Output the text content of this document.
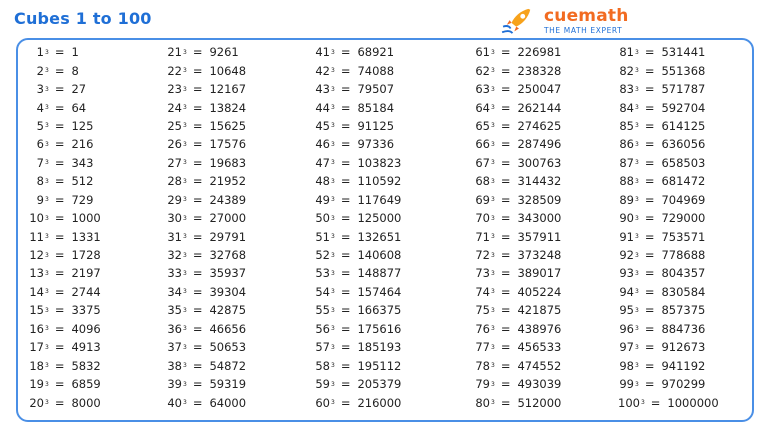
Cubes 1 to 100	cuemath
THE MATH EXPERT
1 3 = 1
2 3 = 8
3 3 = 27
4 3 = 64
5 3 = 125
6 3 = 216
7 3 = 343
8 3 = 512
9 3 = 729
10 3 = 1000
11 3 = 1331
12 3 = 1728
13 3 = 2197
14 3 = 2744
15 3 = 3375
16 3 = 4096
17 3 = 4913
18 3 = 5832
19 3 = 6859
20 3 = 8000
21 3 = 9261
22 3 = 10648
23 3 = 12167
24 3 = 13824
25 3 = 15625
26 3 = 17576
27 3 = 19683
28 3 = 21952
29 3 = 24389
30 3 = 27000
31 3 = 29791
32 3 = 32768
33 3 = 35937
34 3 = 39304
35 3 = 42875
36 3 = 46656
37 3 = 50653
38 3 = 54872
39 3 = 59319
40 3 = 64000
41 3 = 68921
42 3 = 74088
43 3 = 79507
44 3 = 85184
45 3 = 91125
46 3 = 97336
47 3 = 103823
48 3 = 110592
49 3 = 117649
50 3 = 125000
51 3 = 132651
52 3 = 140608
53 3 = 148877
54 3 = 157464
55 3 = 166375
56 3 = 175616
57 3 = 185193
58 3 = 195112
59 3 = 205379
60 3 = 216000
61 3 = 226981
62 3 = 238328
63 3 = 250047
64 3 = 262144
65 3 = 274625
66 3 = 287496
67 3 = 300763
68 3 = 314432
69 3 = 328509
70 3 = 343000
71 3 = 357911
72 3 = 373248
73 3 = 389017
74 3 = 405224
75 3 = 421875
76 3 = 438976
77 3 = 456533
78 3 = 474552
79 3 = 493039
80 3 = 512000
81 3 = 531441
82 3 = 551368
83 3 = 571787
84 3 = 592704
85 3 = 614125
86 3 = 636056
87 3 = 658503
88 3 = 681472
89 3 = 704969
90 3 = 729000
91 3 = 753571
92 3 = 778688
93 3 = 804357
94 3 = 830584
95 3 = 857375
96 3 = 884736
97 3 = 912673
98 3 = 941192
99 3 = 970299
100 3 = 1000000
